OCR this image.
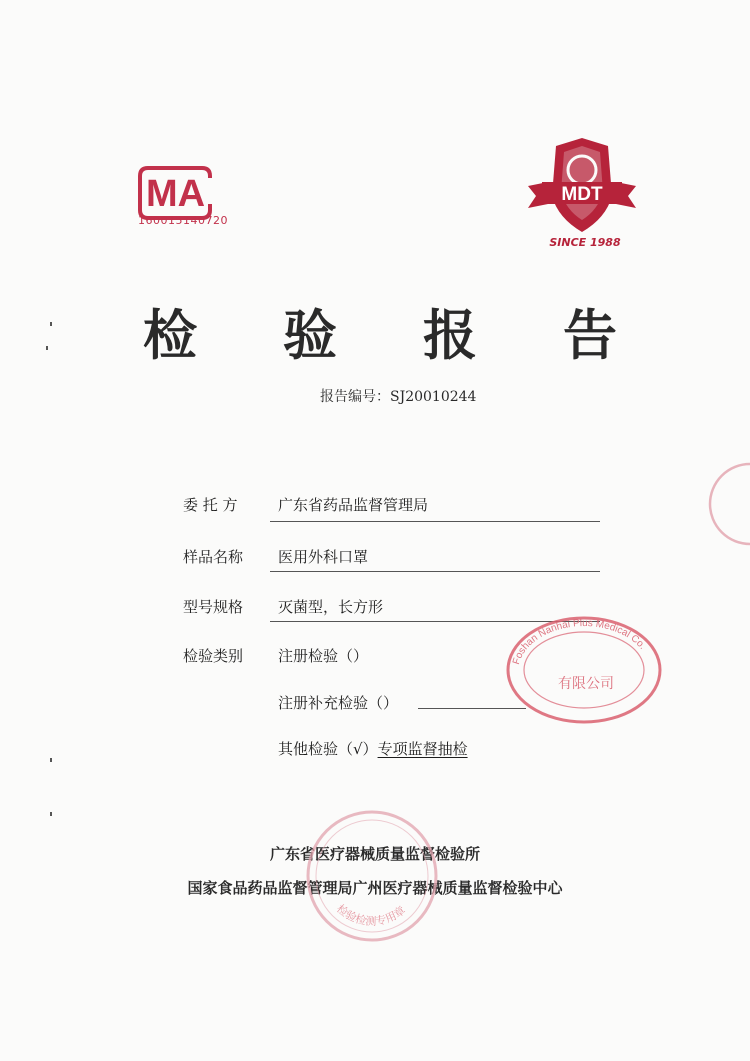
MA
160015140720
MDT
SINCE 1988
检	验	报	告
报告编号：SJ20010244
委 托 方	广东省药品监督管理局
样品名称 医用外科口罩
型号规格 灭菌型，长方形
检验类别 注册检验（）
注册补充检验（）
其他检验（√）专项监督抽检
广东省医疗器械质量监督检验所
国家食品药品监督管理局广州医疗器械质量监督检验中心
Foshan Nanhai Plus Medical Co.
有限公司
检验检测专用章
